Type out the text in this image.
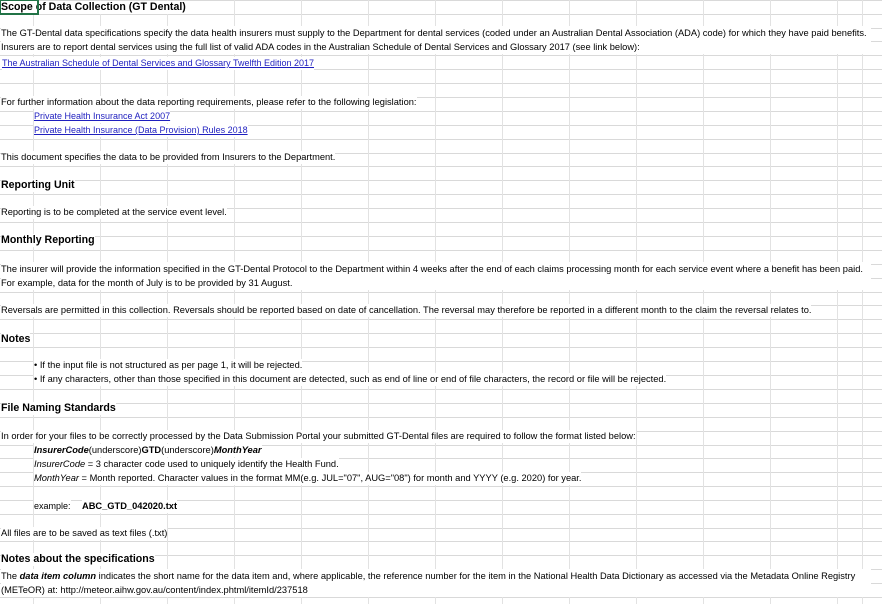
Scope of Data Collection (GT Dental)
The GT-Dental data specifications specify the data health insurers must supply to the Department for dental services (coded under an Australian Dental Association (ADA) code) for which they have paid benefits. Insurers are to report dental services using the full list of valid ADA codes in the Australian Schedule of Dental Services and Glossary 2017 (see link below):
The Australian Schedule of Dental Services and Glossary Twelfth Edition 2017
For further information about the data reporting requirements, please refer to the following legislation:
Private Health Insurance Act 2007
Private Health Insurance (Data Provision) Rules 2018
This document specifies the data to be provided from Insurers to the Department.
Reporting Unit
Reporting is to be completed at the service event level.
Monthly Reporting
The insurer will provide the information specified in the GT-Dental Protocol to the Department within 4 weeks after the end of each claims processing month for each service event where a benefit has been paid. For example, data for the month of July is to be provided by 31 August.
Reversals are permitted in this collection. Reversals should be reported based on date of cancellation. The reversal may therefore be reported in a different month to the claim the reversal relates to.
Notes
• If the input file is not structured as per page 1, it will be rejected.
• If any characters, other than those specified in this document are detected, such as end of line or end of file characters, the record or file will be rejected.
File Naming Standards
In order for your files to be correctly processed by the Data Submission Portal your submitted GT-Dental files are required to follow the format listed below:
InsurerCode(underscore)GTD(underscore)MonthYear
InsurerCode = 3 character code used to uniquely identify the Health Fund.
MonthYear = Month reported. Character values in the format MM(e.g. JUL="07", AUG="08") for month and YYYY (e.g. 2020) for year.
example: ABC_GTD_042020.txt
All files are to be saved as text files (.txt)
Notes about the specifications
The data item column indicates the short name for the data item and, where applicable, the reference number for the item in the National Health Data Dictionary as accessed via the Metadata Online Registry (METeOR) at: http://meteor.aihw.gov.au/content/index.phtml/itemId/237518
